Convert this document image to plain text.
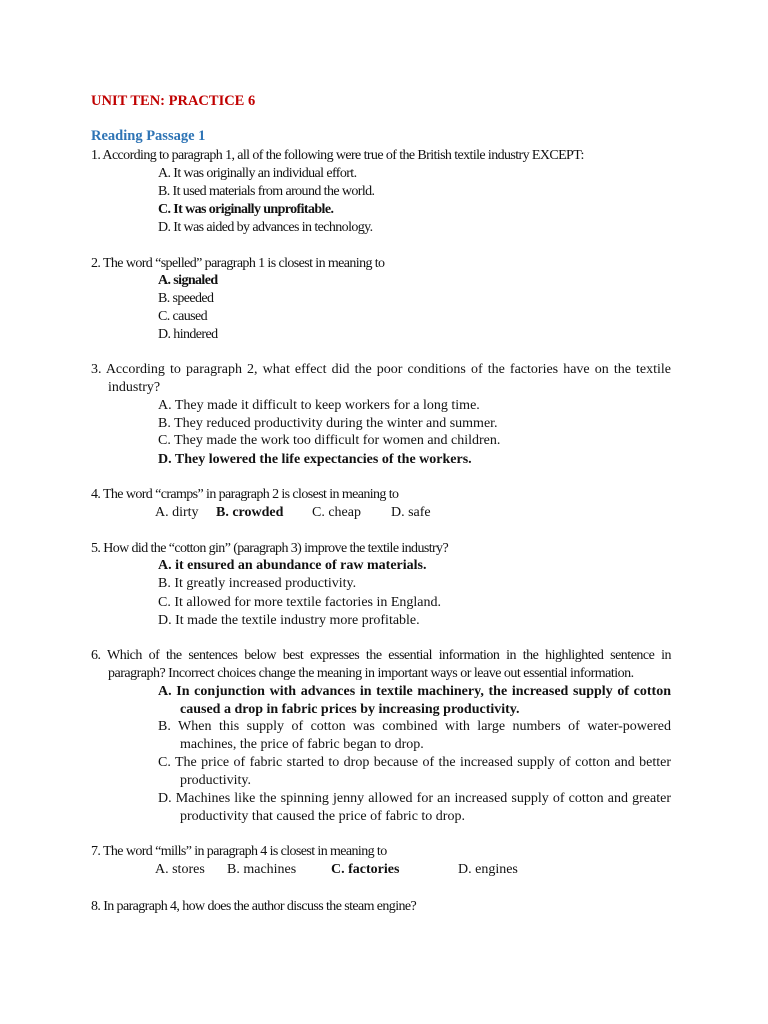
UNIT TEN: PRACTICE 6
Reading Passage 1
1. According to paragraph 1, all of the following were true of the British textile industry EXCEPT:
A. It was originally an individual effort.
B. It used materials from around the world.
C. It was originally unprofitable.
D. It was aided by advances in technology.
2. The word “spelled” paragraph 1 is closest in meaning to
A. signaled
B. speeded
C. caused
D. hindered
3. According to paragraph 2, what effect did the poor conditions of the factories have on the textile industry?
A. They made it difficult to keep workers for a long time.
B. They reduced productivity during the winter and summer.
C. They made the work too difficult for women and children.
D. They lowered the life expectancies of the workers.
4. The word “cramps” in paragraph 2 is closest in meaning to
A. dirty B. crowded C. cheap D. safe
5. How did the “cotton gin” (paragraph 3) improve the textile industry?
A. it ensured an abundance of raw materials.
B. It greatly increased productivity.
C. It allowed for more textile factories in England.
D. It made the textile industry more profitable.
6. Which of the sentences below best expresses the essential information in the highlighted sentence in paragraph? Incorrect choices change the meaning in important ways or leave out essential information.
A. In conjunction with advances in textile machinery, the increased supply of cotton caused a drop in fabric prices by increasing productivity.
B. When this supply of cotton was combined with large numbers of water-powered machines, the price of fabric began to drop.
C. The price of fabric started to drop because of the increased supply of cotton and better productivity.
D. Machines like the spinning jenny allowed for an increased supply of cotton and greater productivity that caused the price of fabric to drop.
7. The word “mills” in paragraph 4 is closest in meaning to
A. stores B. machines C. factories	D. engines
8. In paragraph 4, how does the author discuss the steam engine?
